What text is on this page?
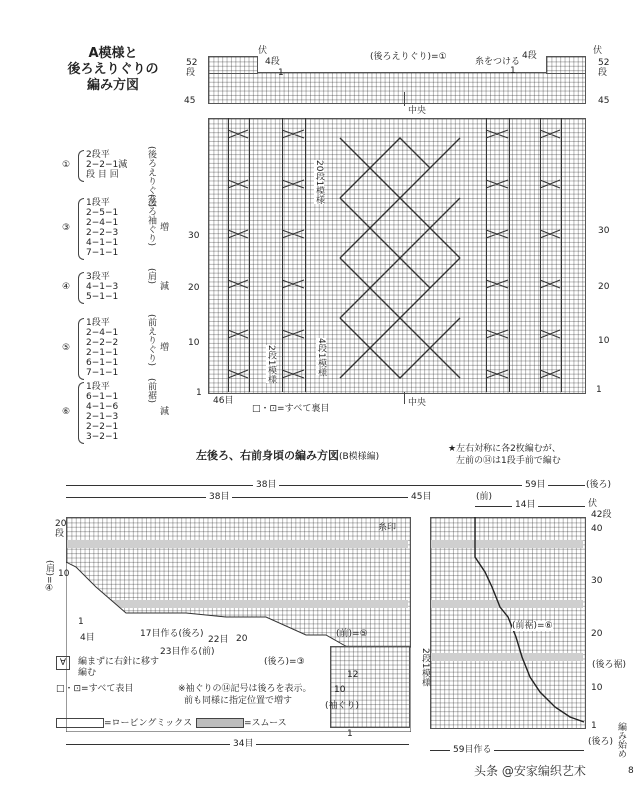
A模様と
後ろえりぐりの
編み方図
伏	伏
(後ろえりぐり)=①
4段
4段
糸をつける
1	1
中央
20段1模様
2段1模様	4段1模様
52
段
45
30
20
10
1
52
段
45
30
20
10
1
46目	中央
□・⊡=すべて裏目
①
2段平
2−2−1減
段 目 回	(後ろえりぐり)
③
1段平
2−5−1
2−4−1
2−2−3
4−1−1
7−1−1
(後ろ袖ぐり) 増
④
3段平
4−1−3
5−1−1
(肩)
減
⑤
1段平
2−4−1
2−2−2
2−1−1
6−1−1
7−1−1
(前えりぐり) 増
⑥
1段平
6−1−1
4−1−6
2−1−3
2−2−1
3−2−1
(前裾)
減
左後ろ、右前身頃の編み方図(B模様編)
★左右対称に各2枚編むが、
左前の⑭は1段手前で編む
38目
38目
59目	(後ろ)
45目	(前)
14目
20
段
10
1
(肩)=④
伏
糸印
4目	17目作る(後ろ)
22目 20
23目作る(前)
(前)=⑤
(後ろ)=③
12
10
1
(袖ぐり)
2段1模様
42段
40
30
20
10
1
(前裾)=⑥
(後ろ裾)
(後ろ) 編み始め
34目
59目作る
∀	編まずに右針に移す
編む
□・⊡=すべて表目	※袖ぐりの⑭記号は後ろを表示。
前も同様に指定位置で増す
=ロービングミックス	=スムース
头条 @安家编织艺术	8
